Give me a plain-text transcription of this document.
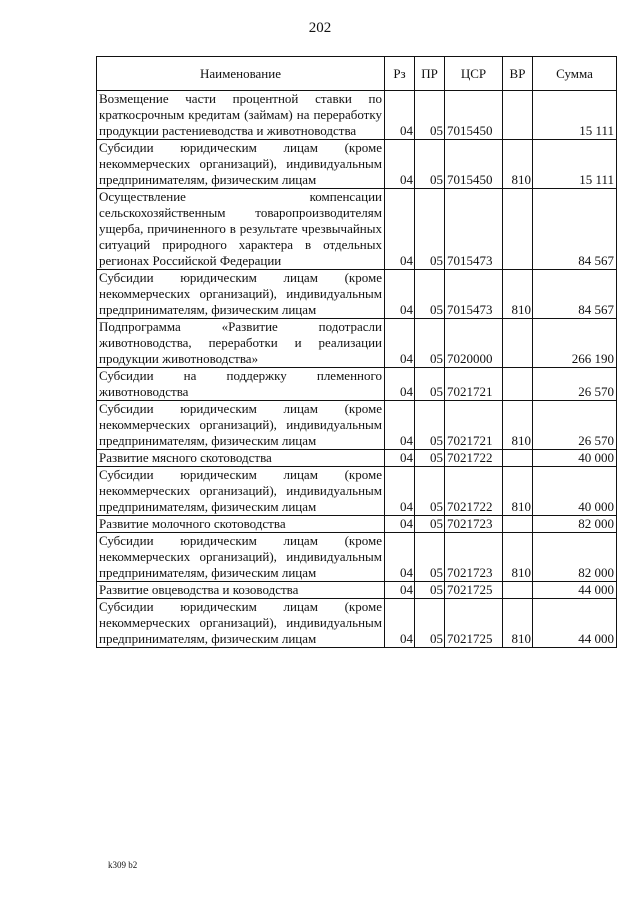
202
Наименование	Рз	ПР	ЦСР	ВР	Сумма
Возмещение части процентной ставки по краткосрочным кредитам (займам) на переработку продукции растениеводства и животноводства	04	05	7015450		15 111
Субсидии юридическим лицам (кроме некоммерческих организаций), индивидуальным предпринимателям, физическим лицам	04	05	7015450	810	15 111
Осуществление компенсации сельскохозяйственным товаропроизводителям ущерба, причиненного в результате чрезвычайных ситуаций природного характера в отдельных регионах Российской Федерации	04	05	7015473		84 567
Субсидии юридическим лицам (кроме некоммерческих организаций), индивидуальным предпринимателям, физическим лицам	04	05	7015473	810	84 567
Подпрограмма «Развитие подотрасли животноводства, переработки и реализации продукции животноводства»	04	05	7020000		266 190
Субсидии на поддержку племенного животноводства	04	05	7021721		26 570
Субсидии юридическим лицам (кроме некоммерческих организаций), индивидуальным предпринимателям, физическим лицам	04	05	7021721	810	26 570
Развитие мясного скотоводства	04	05	7021722		40 000
Субсидии юридическим лицам (кроме некоммерческих организаций), индивидуальным предпринимателям, физическим лицам	04	05	7021722	810	40 000
Развитие молочного скотоводства	04	05	7021723		82 000
Субсидии юридическим лицам (кроме некоммерческих организаций), индивидуальным предпринимателям, физическим лицам	04	05	7021723	810	82 000
Развитие овцеводства и козоводства	04	05	7021725		44 000
Субсидии юридическим лицам (кроме некоммерческих организаций), индивидуальным предпринимателям, физическим лицам	04	05	7021725	810	44 000
k309 b2
